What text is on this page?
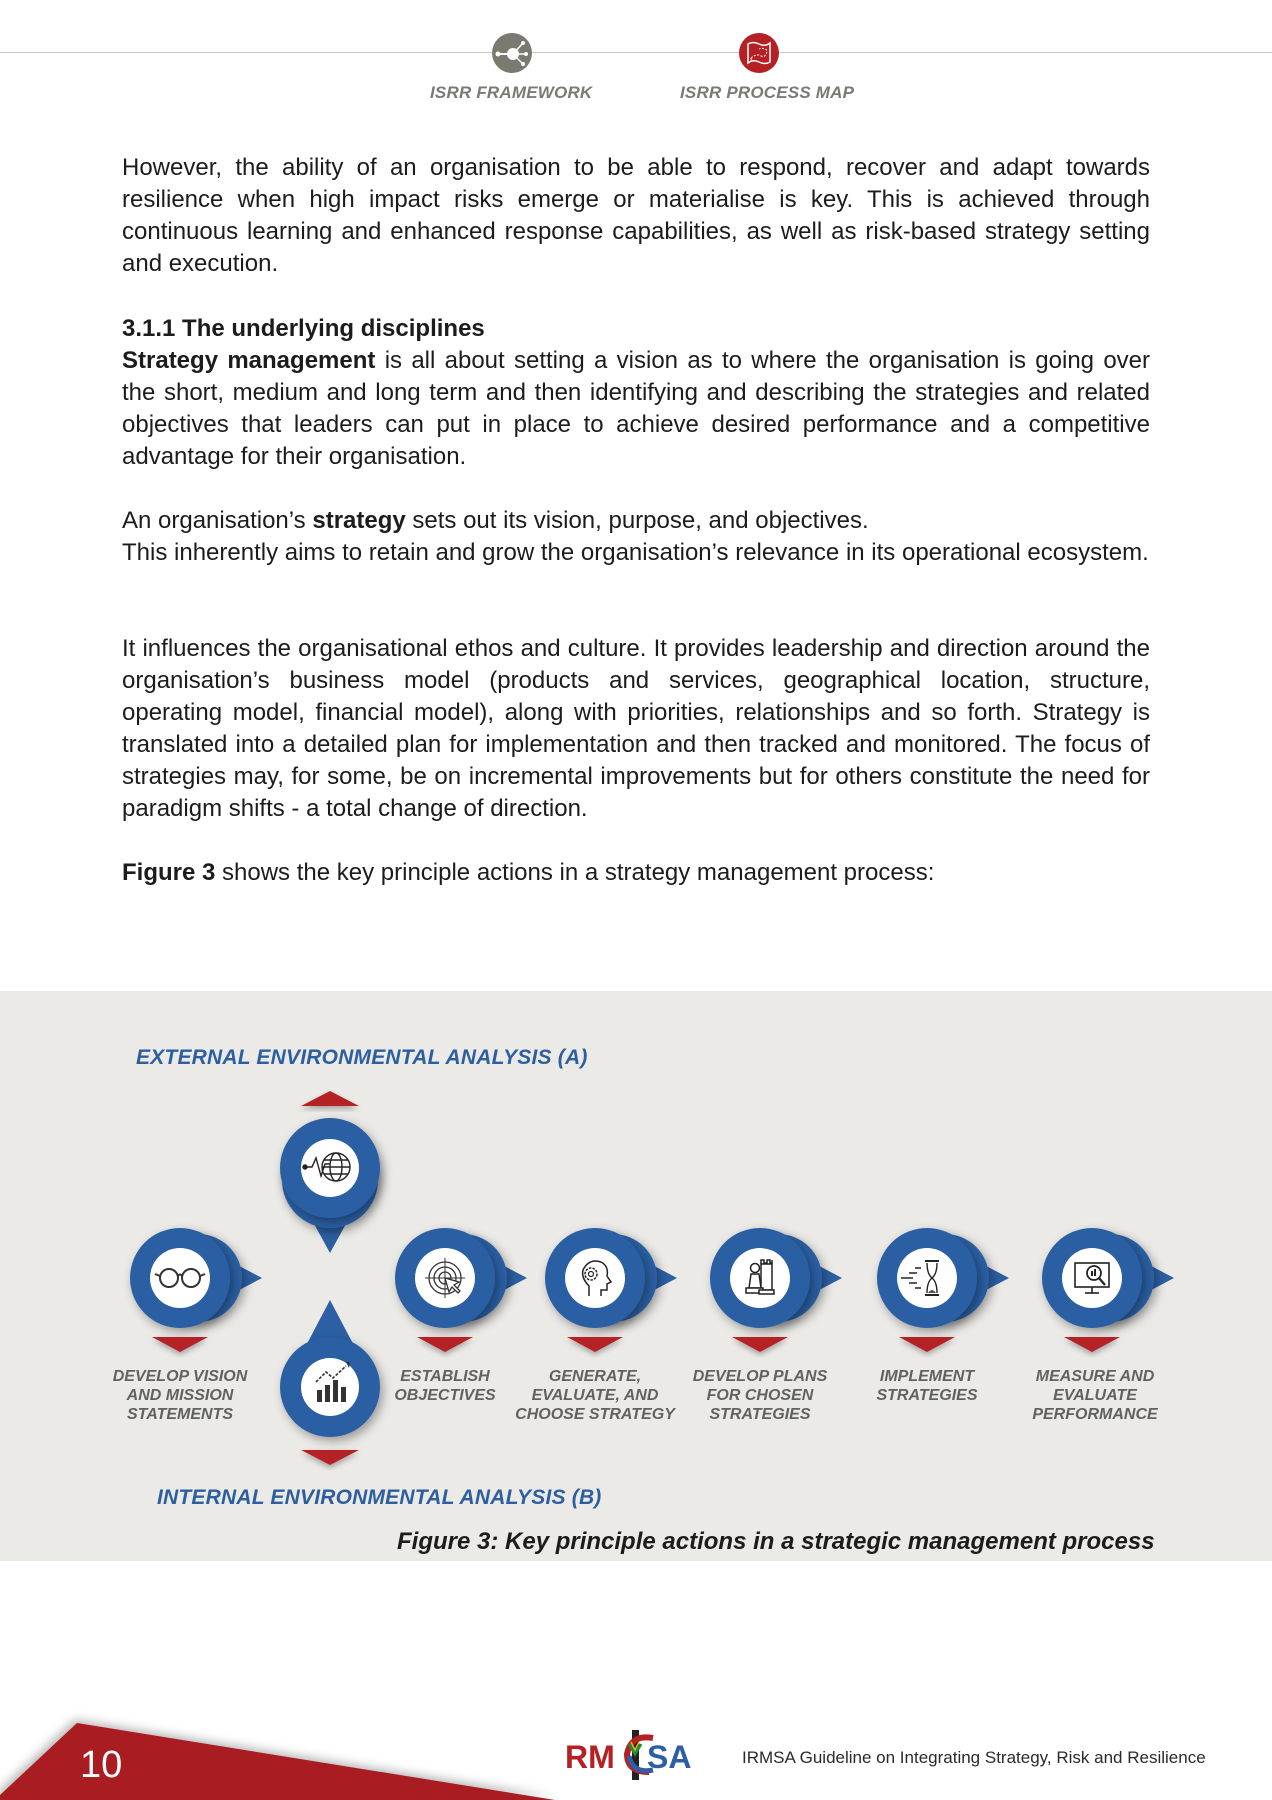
ISRR FRAMEWORK
x
ISRR PROCESS MAP

However, the ability of an organisation to be able to respond, recover and adapt towards resilience when high impact risks emerge or materialise is key. This is achieved through continuous learning and enhanced response capabilities, as well as risk-based strategy setting and execution.

3.1.1 The underlying disciplines

Strategy management is all about setting a vision as to where the organisation is going over the short, medium and long term and then identifying and describing the strategies and related objectives that leaders can put in place to achieve desired performance and a competitive advantage for their organisation.

An organisation’s strategy sets out its vision, purpose, and objectives.

This inherently aims to retain and grow the organisation’s relevance in its operational ecosystem.

It influences the organisational ethos and culture. It provides leadership and direction around the organisation’s business model (products and services, geographical location, structure, operating model, financial model), along with priorities, relationships and so forth. Strategy is translated into a detailed plan for implementation and then tracked and monitored. The focus of strategies may, for some, be on incremental improvements but for others constitute the need for paradigm shifts - a total change of direction.

Figure 3 shows the key principle actions in a strategy management process:

EXTERNAL ENVIRONMENTAL ANALYSIS (A)
INTERNAL ENVIRONMENTAL ANALYSIS (B)
DEVELOP VISION AND MISSION STATEMENTS
ESTABLISH OBJECTIVES
GENERATE, EVALUATE, AND CHOOSE STRATEGY
DEVELOP PLANS FOR CHOSEN STRATEGIES
IMPLEMENT STRATEGIES
MEASURE AND EVALUATE PERFORMANCE
Figure 3: Key principle actions in a strategic management process
10	RM SA	IRMSA Guideline on Integrating Strategy, Risk and Resilience
